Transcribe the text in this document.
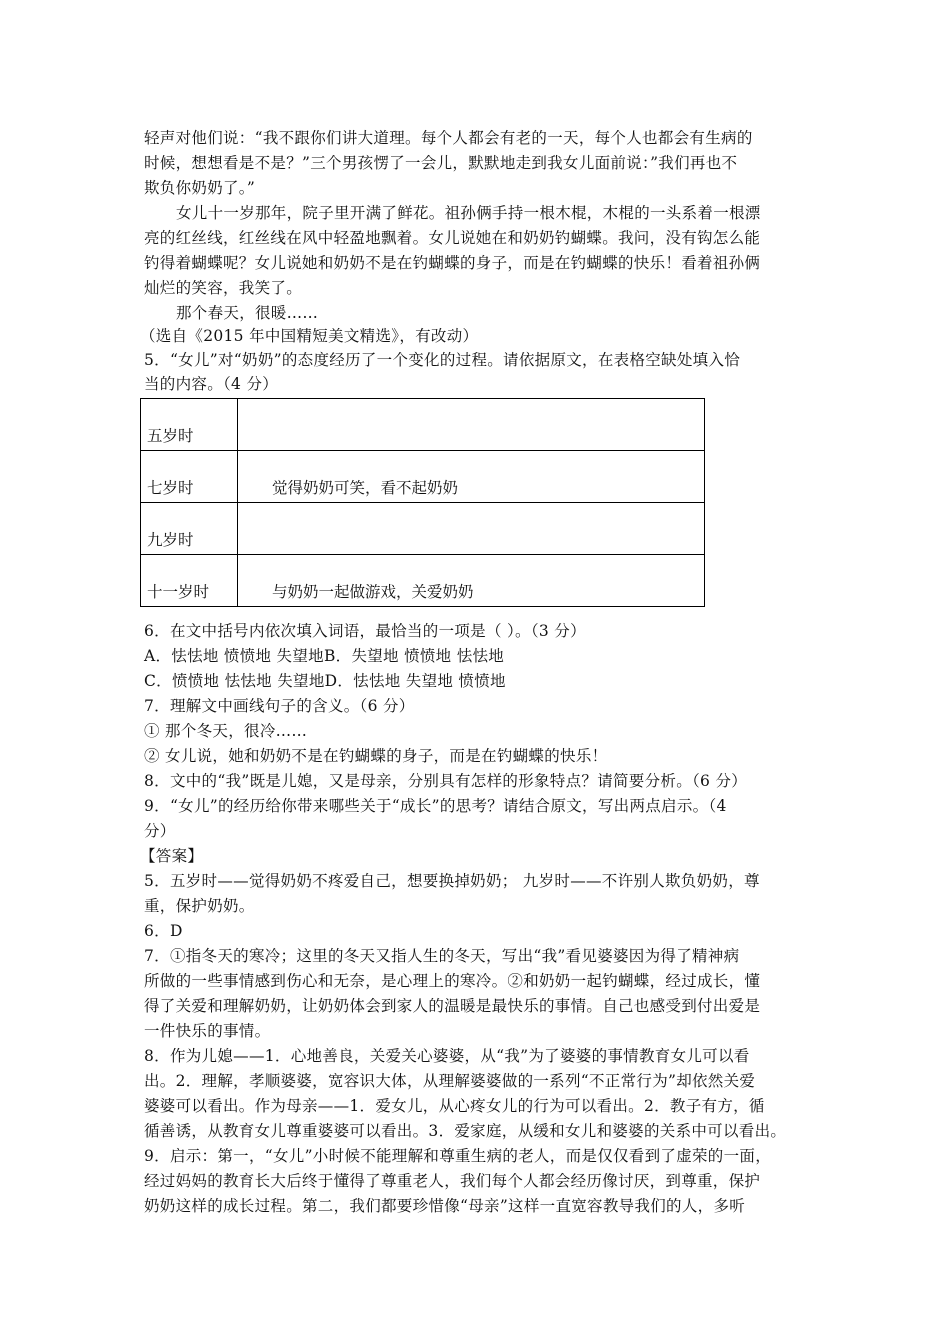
轻声对他们说：“我不跟你们讲大道理。每个人都会有老的一天，每个人也都会有生病的
时候，想想看是不是？”三个男孩愣了一会儿，默默地走到我女儿面前说：”我们再也不
欺负你奶奶了。”
女儿十一岁那年，院子里开满了鲜花。祖孙俩手持一根木棍，木棍的一头系着一根漂
亮的红丝线，红丝线在风中轻盈地飘着。女儿说她在和奶奶钓蝴蝶。我问，没有钩怎么能
钓得着蝴蝶呢？女儿说她和奶奶不是在钓蝴蝶的身子，而是在钓蝴蝶的快乐！看着祖孙俩
灿烂的笑容，我笑了。
那个春天，很暖……
（选自《2015 年中国精短美文精选》，有改动）
5．“女儿”对“奶奶”的态度经历了一个变化的过程。请依据原文，在表格空缺处填入恰
当的内容。（4 分）
五岁时	
七岁时	觉得奶奶可笑，看不起奶奶
九岁时	
十一岁时	与奶奶一起做游戏，关爱奶奶
6．在文中括号内依次填入词语，最恰当的一项是（ ）。（3 分）
A．怯怯地 愤愤地 失望地B．失望地 愤愤地 怯怯地
C．愤愤地 怯怯地 失望地D．怯怯地 失望地 愤愤地
7．理解文中画线句子的含义。（6 分）
① 那个冬天，很冷……
② 女儿说，她和奶奶不是在钓蝴蝶的身子，而是在钓蝴蝶的快乐！
8．文中的“我”既是儿媳，又是母亲，分别具有怎样的形象特点？请简要分析。（6 分）
9．“女儿”的经历给你带来哪些关于“成长”的思考？请结合原文，写出两点启示。（4
分）
【答案】
5．五岁时——觉得奶奶不疼爱自己，想要换掉奶奶； 九岁时——不许别人欺负奶奶，尊
重，保护奶奶。
6．D
7．①指冬天的寒冷；这里的冬天又指人生的冬天，写出“我”看见婆婆因为得了精神病
所做的一些事情感到伤心和无奈，是心理上的寒冷。②和奶奶一起钓蝴蝶，经过成长，懂
得了关爱和理解奶奶，让奶奶体会到家人的温暖是最快乐的事情。自己也感受到付出爱是
一件快乐的事情。
8．作为儿媳——1．心地善良，关爱关心婆婆，从“我”为了婆婆的事情教育女儿可以看
出。2．理解，孝顺婆婆，宽容识大体，从理解婆婆做的一系列“不正常行为”却依然关爱
婆婆可以看出。作为母亲——1．爱女儿，从心疼女儿的行为可以看出。2．教子有方，循
循善诱，从教育女儿尊重婆婆可以看出。3．爱家庭，从缓和女儿和婆婆的关系中可以看出。
9．启示：第一，“女儿”小时候不能理解和尊重生病的老人，而是仅仅看到了虚荣的一面，
经过妈妈的教育长大后终于懂得了尊重老人，我们每个人都会经历像讨厌，到尊重，保护
奶奶这样的成长过程。第二，我们都要珍惜像“母亲”这样一直宽容教导我们的人，多听
